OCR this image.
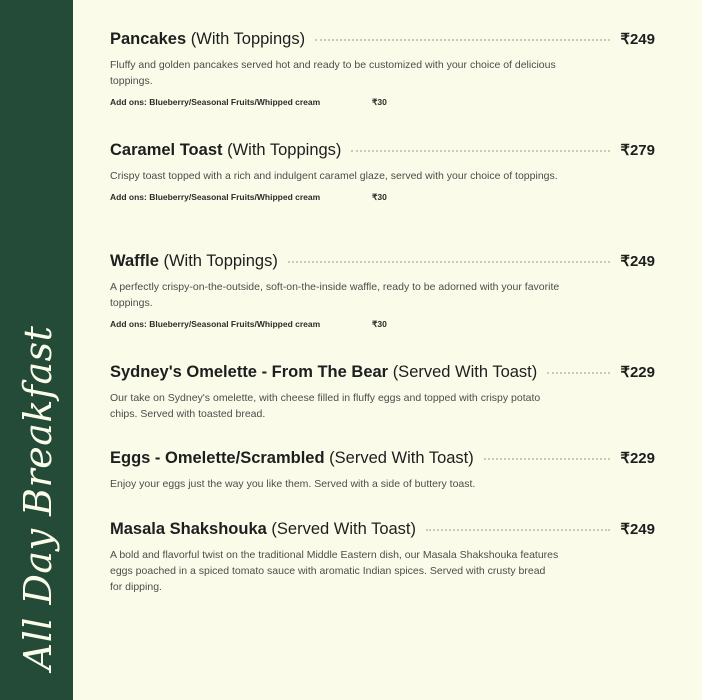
All Day Breakfast
Pancakes (With Toppings)	₹249
Fluffy and golden pancakes served hot and ready to be customized with your choice of delicious toppings.
Add ons: Blueberry/Seasonal Fruits/Whipped cream	₹30
Caramel Toast (With Toppings)	₹279
Crispy toast topped with a rich and indulgent caramel glaze, served with your choice of toppings.
Add ons: Blueberry/Seasonal Fruits/Whipped cream	₹30
Waffle (With Toppings)	₹249
A perfectly crispy-on-the-outside, soft-on-the-inside waffle, ready to be adorned with your favorite toppings.
Add ons: Blueberry/Seasonal Fruits/Whipped cream	₹30
Sydney's Omelette - From The Bear (Served With Toast)	₹229
Our take on Sydney's omelette, with cheese filled in fluffy eggs and topped with crispy potato chips. Served with toasted bread.
Eggs - Omelette/Scrambled (Served With Toast)	₹229
Enjoy your eggs just the way you like them. Served with a side of buttery toast.
Masala Shakshouka (Served With Toast)	₹249
A bold and flavorful twist on the traditional Middle Eastern dish, our Masala Shakshouka features eggs poached in a spiced tomato sauce with aromatic Indian spices. Served with crusty bread for dipping.
